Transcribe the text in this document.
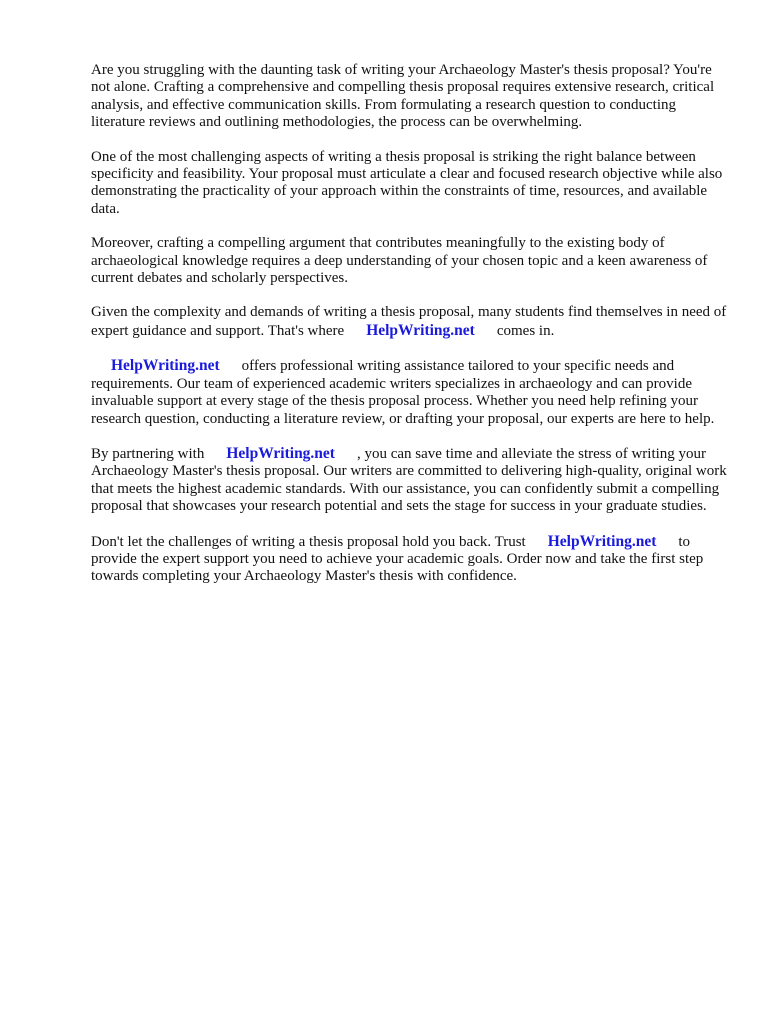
Are you struggling with the daunting task of writing your Archaeology Master's thesis proposal? You're not alone. Crafting a comprehensive and compelling thesis proposal requires extensive research, critical analysis, and effective communication skills. From formulating a research question to conducting literature reviews and outlining methodologies, the process can be overwhelming.

One of the most challenging aspects of writing a thesis proposal is striking the right balance between specificity and feasibility. Your proposal must articulate a clear and focused research objective while also demonstrating the practicality of your approach within the constraints of time, resources, and available data.

Moreover, crafting a compelling argument that contributes meaningfully to the existing body of archaeological knowledge requires a deep understanding of your chosen topic and a keen awareness of current debates and scholarly perspectives.

Given the complexity and demands of writing a thesis proposal, many students find themselves in need of expert guidance and support. That's where HelpWriting.net comes in.

HelpWriting.net offers professional writing assistance tailored to your specific needs and requirements. Our team of experienced academic writers specializes in archaeology and can provide invaluable support at every stage of the thesis proposal process. Whether you need help refining your research question, conducting a literature review, or drafting your proposal, our experts are here to help.

By partnering with HelpWriting.net , you can save time and alleviate the stress of writing your Archaeology Master's thesis proposal. Our writers are committed to delivering high-quality, original work that meets the highest academic standards. With our assistance, you can confidently submit a compelling proposal that showcases your research potential and sets the stage for success in your graduate studies.

Don't let the challenges of writing a thesis proposal hold you back. Trust HelpWriting.net to provide the expert support you need to achieve your academic goals. Order now and take the first step towards completing your Archaeology Master's thesis with confidence.
